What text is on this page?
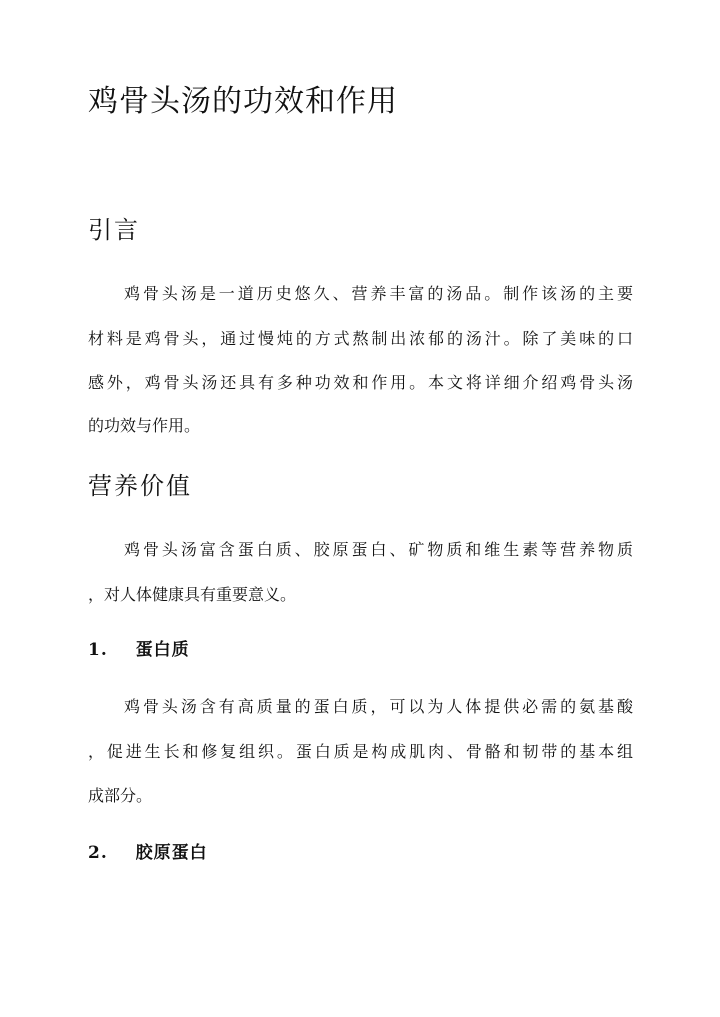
鸡骨头汤的功效和作用
引言
鸡骨头汤是一道历史悠久、营养丰富的汤品。制作该汤的主要
材料是鸡骨头，通过慢炖的方式熬制出浓郁的汤汁。除了美味的口
感外，鸡骨头汤还具有多种功效和作用。本文将详细介绍鸡骨头汤
的功效与作用。
营养价值
鸡骨头汤富含蛋白质、胶原蛋白、矿物质和维生素等营养物质
，对人体健康具有重要意义。
1. 蛋白质
鸡骨头汤含有高质量的蛋白质，可以为人体提供必需的氨基酸
，促进生长和修复组织。蛋白质是构成肌肉、骨骼和韧带的基本组
成部分。
2. 胶原蛋白
